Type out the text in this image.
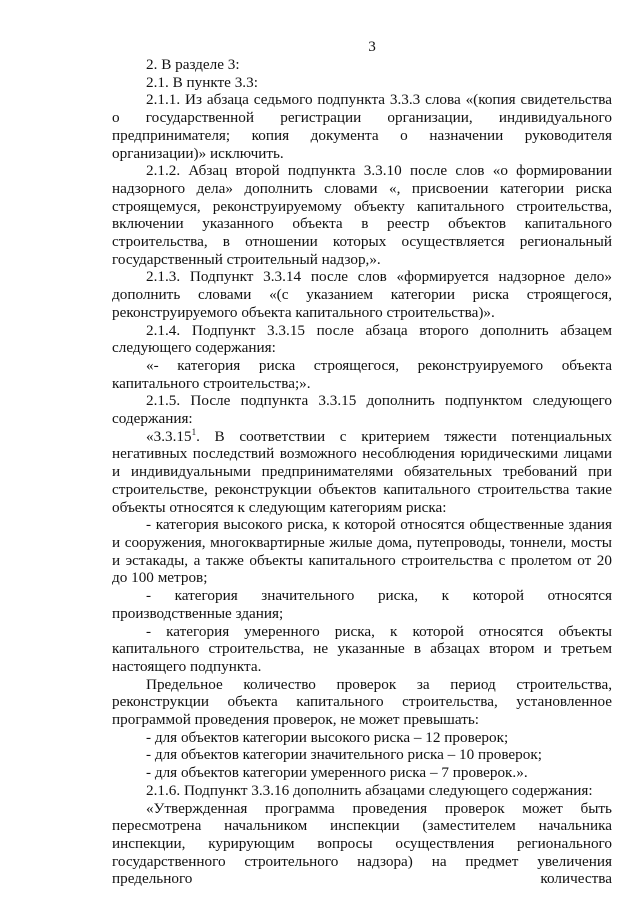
3

2. В разделе 3:

2.1. В пункте 3.3:

2.1.1. Из абзаца седьмого подпункта 3.3.3 слова «(копия свидетельства о государственной регистрации организации, индивидуального предпринимателя; копия документа о назначении руководителя организации)» исключить.

2.1.2. Абзац второй подпункта 3.3.10 после слов «о формировании надзорного дела» дополнить словами «, присвоении категории риска строящемуся, реконструируемому объекту капитального строительства, включении указанного объекта в реестр объектов капитального строительства, в отношении которых осуществляется региональный государственный строительный надзор,».

2.1.3. Подпункт 3.3.14 после слов «формируется надзорное дело» дополнить словами «(с указанием категории риска строящегося, реконструируемого объекта капитального строительства)».

2.1.4. Подпункт 3.3.15 после абзаца второго дополнить абзацем следующего содержания:

«- категория риска строящегося, реконструируемого объекта капитального строительства;».

2.1.5. После подпункта 3.3.15 дополнить подпунктом следующего содержания:

«3.3.15$^1$. В соответствии с критерием тяжести потенциальных негативных последствий возможного несоблюдения юридическими лицами и индивидуальными предпринимателями обязательных требований при строительстве, реконструкции объектов капитального строительства такие объекты относятся к следующим категориям риска:

- категория высокого риска, к которой относятся общественные здания и сооружения, многоквартирные жилые дома, путепроводы, тоннели, мосты и эстакады, а также объекты капитального строительства с пролетом от 20 до 100 метров;

- категория значительного риска, к которой относятся производственные здания;

- категория умеренного риска, к которой относятся объекты капитального строительства, не указанные в абзацах втором и третьем настоящего подпункта.

Предельное количество проверок за период строительства, реконструкции объекта капитального строительства, установленное программой проведения проверок, не может превышать:

- для объектов категории высокого риска – 12 проверок;

- для объектов категории значительного риска – 10 проверок;

- для объектов категории умеренного риска – 7 проверок.».

2.1.6. Подпункт 3.3.16 дополнить абзацами следующего содержания:

«Утвержденная программа проведения проверок может быть пересмотрена начальником инспекции (заместителем начальника инспекции, курирующим вопросы осуществления регионального государственного строительного надзора) на предмет увеличения предельного количества
